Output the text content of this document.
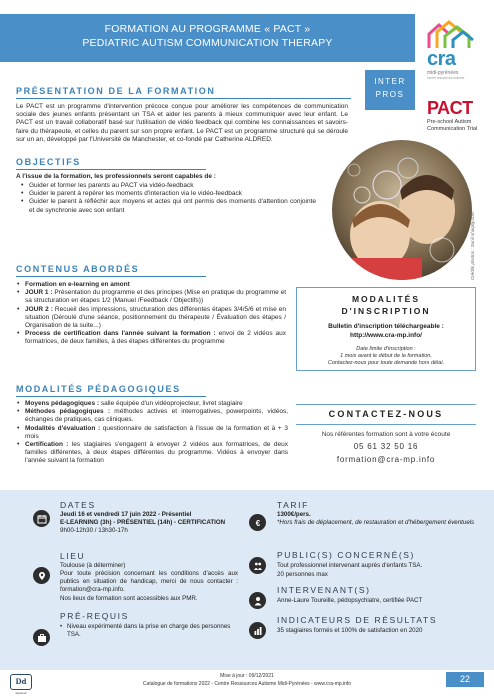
FORMATION AU PROGRAMME « PACT »
PEDIATRIC AUTISM COMMUNICATION THERAPY
cra
midi-pyrénées
centre ressources autisme
INTER
PROS
PACT
Pre-school Autism
Communication Trial
PRÉSENTATION DE LA FORMATION
Le PACT est un programme d'intervention précoce conçue pour améliorer les compétences de communication sociale des jeunes enfants présentant un TSA et aider les parents à mieux communiquer avec leur enfant. Le PACT est un travail collaboratif basé sur l'utilisation de vidéo feedback qui combine les connaissances et savoirs-faire du thérapeute, et celles du parent sur son propre enfant. Le PACT est un programme structuré qui se déroule sur un an, développé par l'Université de Manchester, et co-fondé par Catherine ALDRED.
Crédits photos : Sunil shaqilly.com
OBJECTIFS
A l'issue de la formation, les professionnels seront capables de :
• Guider et former les parents au PACT via vidéo-feedback
• Guider le parent à repérer les moments d'interaction via le vidéo-feedback
• Guider le parent à réfléchir aux moyens et actes qui ont permis des moments d'attention conjointe et de synchronie avec son enfant
CONTENUS ABORDÉS
• Formation en e-learning en amont
• JOUR 1 : Présentation du programme et des principes (Mise en pratique du programme et sa structuration en étapes 1/2 (Manuel /Feedback / Objectifs))
• JOUR 2 : Recueil des impressions, structuration des différentes étapes 3/4/5/6 et mise en situation (Déroulé d'une séance, positionnement du thérapeute / Évaluation des étapes / Organisation de la suite...)
• Process de certification dans l'année suivant la formation : envoi de 2 vidéos aux formatrices, de deux familles, à des étapes différentes du programme
MODALITÉS PÉDAGOGIQUES
• Moyens pédagogiques : salle équipée d'un vidéoprojecteur, livret stagiaire
• Méthodes pédagogiques : méthodes actives et interrogatives, powerpoints, vidéos, échanges de pratiques, cas cliniques.
• Modalités d'évaluation : questionnaire de satisfaction à l'issue de la formation et à + 3 mois
• Certification : les stagiaires s'engagent à envoyer 2 vidéos aux formatrices, de deux familles différentes, à deux étapes différentes du programme. Vidéos à envoyer dans l'année suivant la formation
MODALITÉS
D'INSCRIPTION
Bulletin d'inscription téléchargeable :
http://www.cra-mp.info/
Date limite d'inscription :
1 mois avant le début de la formation,
Contactez-nous pour toute demande hors délai.
CONTACTEZ-NOUS
Nos référentes formation sont à votre écoute
05 61 32 50 16
formation@cra-mp.info
DATES
Jeudi 16 et vendredi 17 juin 2022 - Présentiel
E-LEARNING (3h) - PRÉSENTIEL (14h) - CERTIFICATION
9h00-12h30 / 13h30-17h
LIEU
Toulouse (à déterminer)
Pour toute précision concernant les conditions d'accès aux publics en situation de handicap, merci de nous contacter : formation@cra-mp.info.
Nos lieux de formation sont accessibles aux PMR.
PRÉ-REQUIS
• Niveau expérimenté dans la prise en charge des personnes TSA.
€
TARIF
1300€/pers.
*Hors frais de déplacement, de restauration et d'hébergement éventuels
PUBLIC(S) CONCERNÉ(S)
Tout professionnel intervenant auprès d'enfants TSA.
20 personnes max
INTERVENANT(S)
Anne-Laure Toureille, pédopsychiatre, certifiée PACT
INDICATEURS DE RÉSULTATS
35 stagiaires formés et 100% de satisfaction en 2020
Dd
datadock
Mise à jour : 09/12/2021
Catalogue de formations 2022 - Centre Ressources Autisme Midi-Pyrénées - www.cra-mp.info	22
